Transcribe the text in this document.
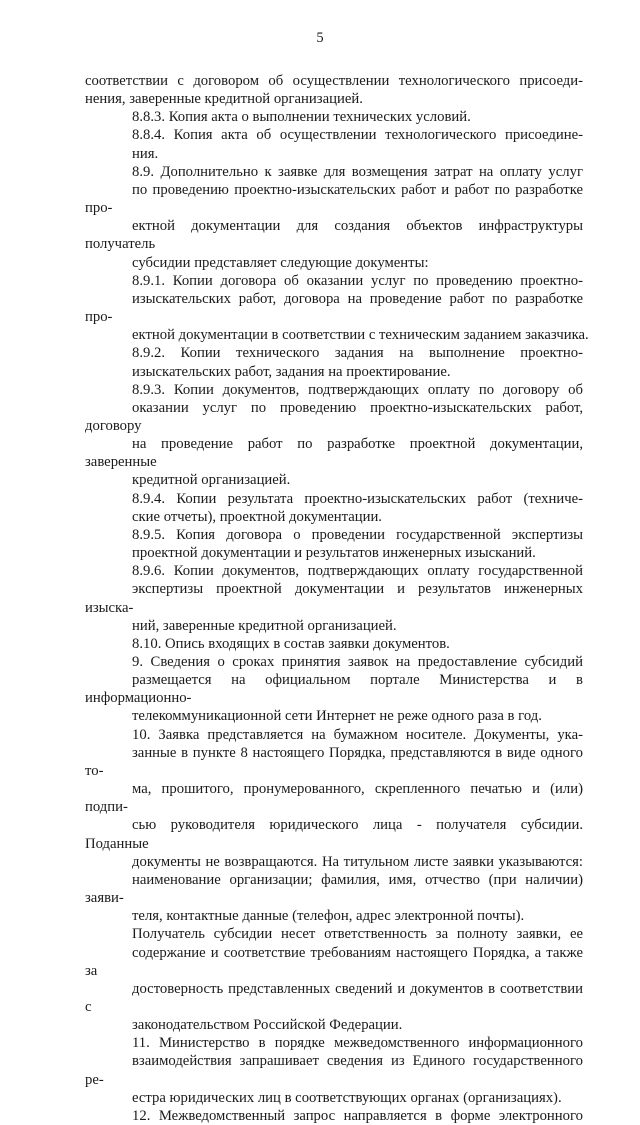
5
соответствии с договором об осуществлении технологического присоеди-
нения, заверенные кредитной организацией.
8.8.3. Копия акта о выполнении технических условий.
8.8.4. Копия акта об осуществлении технологического присоедине-
ния.
8.9. Дополнительно к заявке для возмещения затрат на оплату услуг
по проведению проектно-изыскательских работ и работ по разработке про-
ектной документации для создания объектов инфраструктуры получатель
субсидии представляет следующие документы:
8.9.1. Копии договора об оказании услуг по проведению проектно-
изыскательских работ, договора на проведение работ по разработке про-
ектной документации в соответствии с техническим заданием заказчика.
8.9.2. Копии технического задания на выполнение проектно-
изыскательских работ, задания на проектирование.
8.9.3. Копии документов, подтверждающих оплату по договору об
оказании услуг по проведению проектно-изыскательских работ, договору
на проведение работ по разработке проектной документации, заверенные
кредитной организацией.
8.9.4. Копии результата проектно-изыскательских работ (техниче-
ские отчеты), проектной документации.
8.9.5. Копия договора о проведении государственной экспертизы
проектной документации и результатов инженерных изысканий.
8.9.6. Копии документов, подтверждающих оплату государственной
экспертизы проектной документации и результатов инженерных изыска-
ний, заверенные кредитной организацией.
8.10. Опись входящих в состав заявки документов.
9. Сведения о сроках принятия заявок на предоставление субсидий
размещается на официальном портале Министерства и в информационно-
телекоммуникационной сети Интернет не реже одного раза в год.
10. Заявка представляется на бумажном носителе. Документы, ука-
занные в пункте 8 настоящего Порядка, представляются в виде одного то-
ма, прошитого, пронумерованного, скрепленного печатью и (или) подпи-
сью руководителя юридического лица - получателя субсидии. Поданные
документы не возвращаются. На титульном листе заявки указываются:
наименование организации; фамилия, имя, отчество (при наличии) заяви-
теля, контактные данные (телефон, адрес электронной почты).
Получатель субсидии несет ответственность за полноту заявки, ее
содержание и соответствие требованиям настоящего Порядка, а также за
достоверность представленных сведений и документов в соответствии с
законодательством Российской Федерации.
11. Министерство в порядке межведомственного информационного
взаимодействия запрашивает сведения из Единого государственного ре-
естра юридических лиц в соответствующих органах (организациях).
12. Межведомственный запрос направляется в форме электронного
